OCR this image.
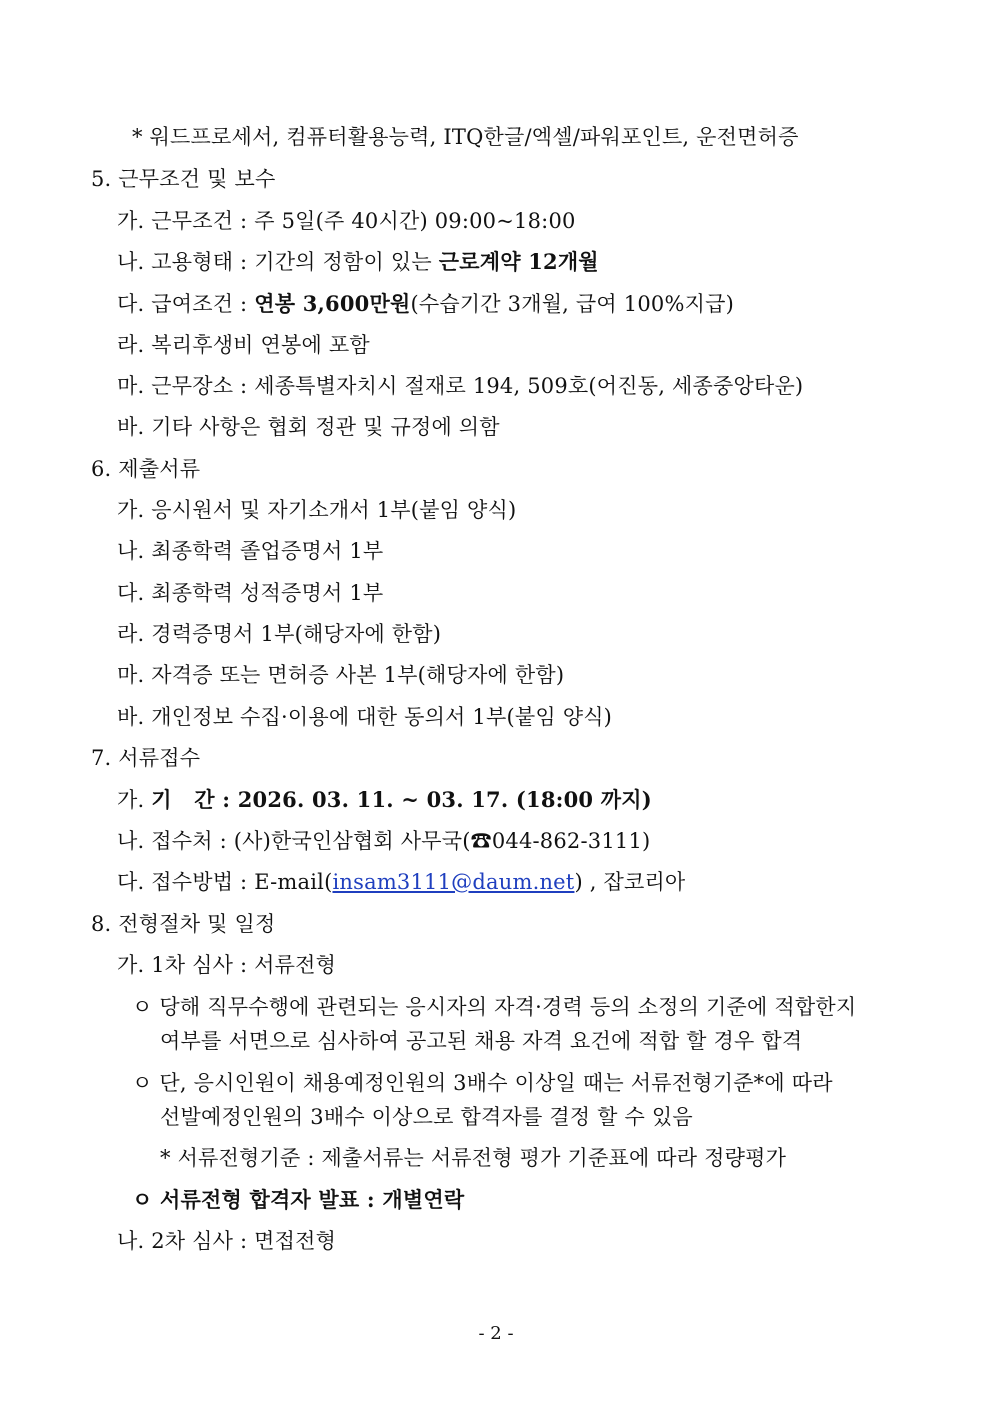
* 워드프로세서, 컴퓨터활용능력, ITQ한글/엑셀/파워포인트, 운전면허증
5. 근무조건 및 보수
가. 근무조건 : 주 5일(주 40시간) 09:00~18:00
나. 고용형태 : 기간의 정함이 있는 근로계약 12개월
다. 급여조건 : 연봉 3,600만원(수습기간 3개월, 급여 100%지급)
라. 복리후생비 연봉에 포함
마. 근무장소 : 세종특별자치시 절재로 194, 509호(어진동, 세종중앙타운)
바. 기타 사항은 협회 정관 및 규정에 의함
6. 제출서류
가. 응시원서 및 자기소개서 1부(붙임 양식)
나. 최종학력 졸업증명서 1부
다. 최종학력 성적증명서 1부
라. 경력증명서 1부(해당자에 한함)
마. 자격증 또는 면허증 사본 1부(해당자에 한함)
바. 개인정보 수집·이용에 대한 동의서 1부(붙임 양식)
7. 서류접수
가. 기   간 : 2026. 03. 11. ~ 03. 17. (18:00 까지)
나. 접수처 : (사)한국인삼협회 사무국(☎044-862-3111)
다. 접수방법 : E-mail(insam3111@daum.net) , 잡코리아
8. 전형절차 및 일정
가. 1차 심사 : 서류전형
ㅇ 당해 직무수행에 관련되는 응시자의 자격·경력 등의 소정의 기준에 적합한지
여부를 서면으로 심사하여 공고된 채용 자격 요건에 적합 할 경우 합격
ㅇ 단, 응시인원이 채용예정인원의 3배수 이상일 때는 서류전형기준*에 따라
선발예정인원의 3배수 이상으로 합격자를 결정 할 수 있음
* 서류전형기준 : 제출서류는 서류전형 평가 기준표에 따라 정량평가
ㅇ 서류전형 합격자 발표 : 개별연락
나. 2차 심사 : 면접전형
- 2 -
